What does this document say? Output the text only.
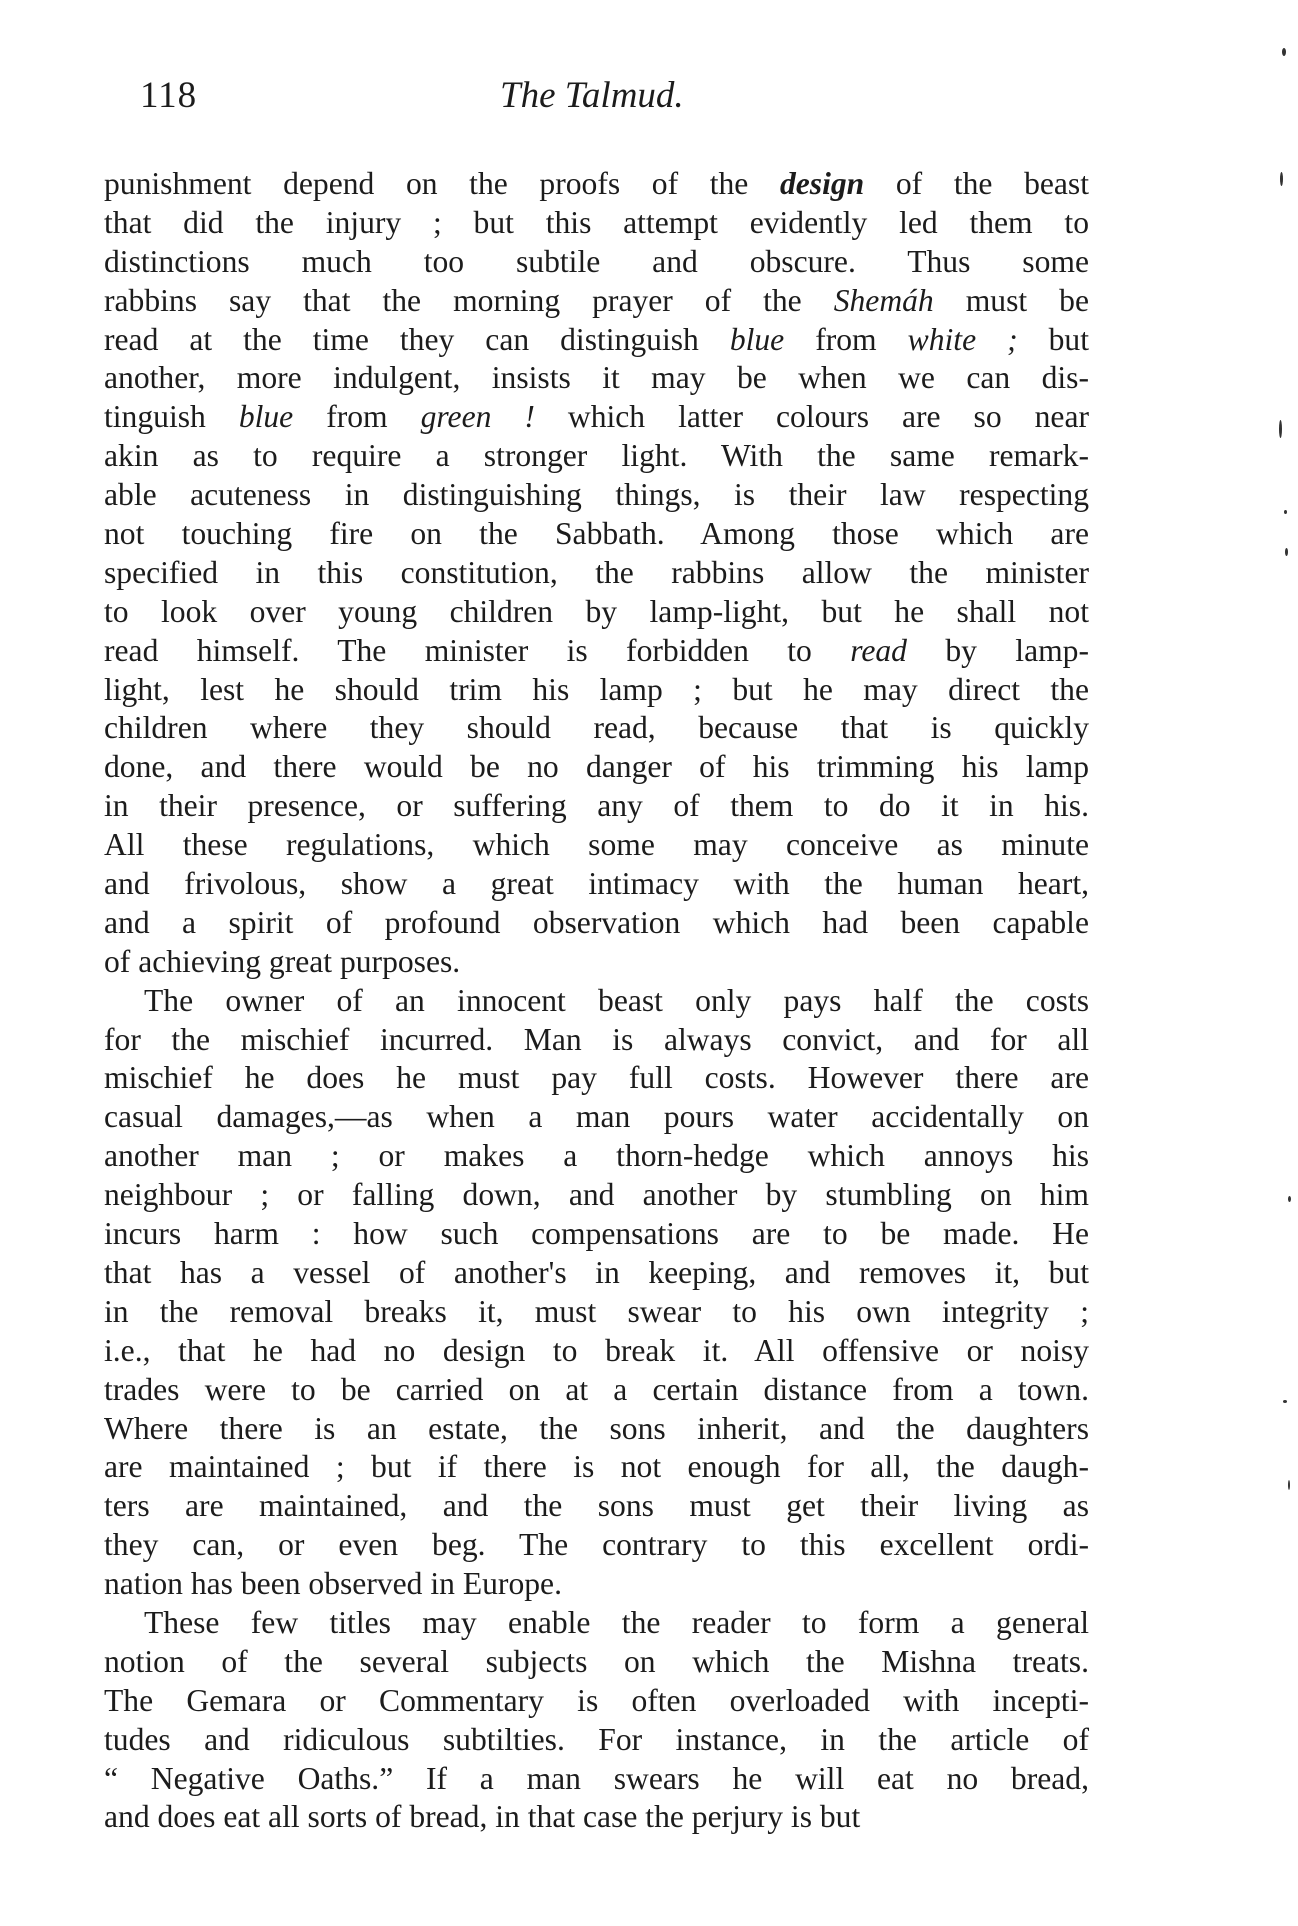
118	The Talmud.
punishment depend on the proofs of the design of the beast
that did the injury ; but this attempt evidently led them to
distinctions much too subtile and obscure. Thus some
rabbins say that the morning prayer of the Shemáh must be
read at the time they can distinguish blue from white ; but
another, more indulgent, insists it may be when we can dis-
tinguish blue from green ! which latter colours are so near
akin as to require a stronger light. With the same remark-
able acuteness in distinguishing things, is their law respecting
not touching fire on the Sabbath. Among those which are
specified in this constitution, the rabbins allow the minister
to look over young children by lamp-light, but he shall not
read himself. The minister is forbidden to read by lamp-
light, lest he should trim his lamp ; but he may direct the
children where they should read, because that is quickly
done, and there would be no danger of his trimming his lamp
in their presence, or suffering any of them to do it in his.
All these regulations, which some may conceive as minute
and frivolous, show a great intimacy with the human heart,
and a spirit of profound observation which had been capable
of achieving great purposes.
The owner of an innocent beast only pays half the costs
for the mischief incurred. Man is always convict, and for all
mischief he does he must pay full costs. However there are
casual damages,—as when a man pours water accidentally on
another man ; or makes a thorn-hedge which annoys his
neighbour ; or falling down, and another by stumbling on him
incurs harm : how such compensations are to be made. He
that has a vessel of another's in keeping, and removes it, but
in the removal breaks it, must swear to his own integrity ;
i.e., that he had no design to break it. All offensive or noisy
trades were to be carried on at a certain distance from a town.
Where there is an estate, the sons inherit, and the daughters
are maintained ; but if there is not enough for all, the daugh-
ters are maintained, and the sons must get their living as
they can, or even beg. The contrary to this excellent ordi-
nation has been observed in Europe.
These few titles may enable the reader to form a general
notion of the several subjects on which the Mishna treats.
The Gemara or Commentary is often overloaded with incepti-
tudes and ridiculous subtilties. For instance, in the article of
“ Negative Oaths.” If a man swears he will eat no bread,
and does eat all sorts of bread, in that case the perjury is but
